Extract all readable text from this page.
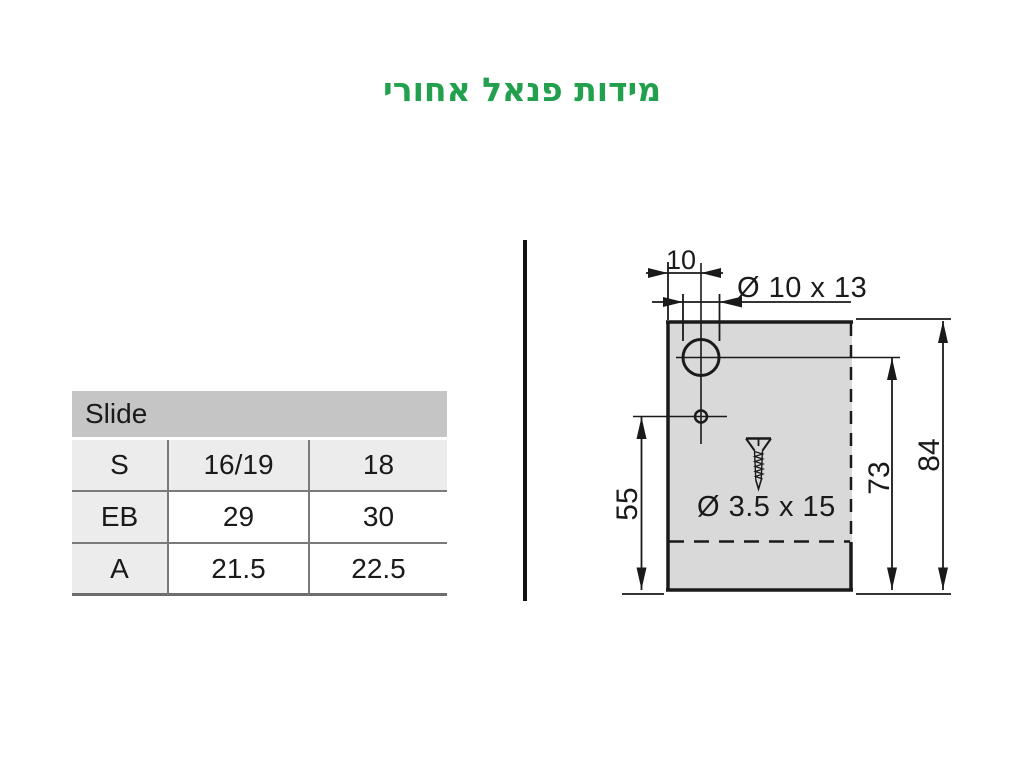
מידות פנאל אחורי
Slide
S	16/19	18
EB	29	30
A	21.5	22.5
10
Ø 10 x 13
55
73
84
Ø 3.5 x 15
